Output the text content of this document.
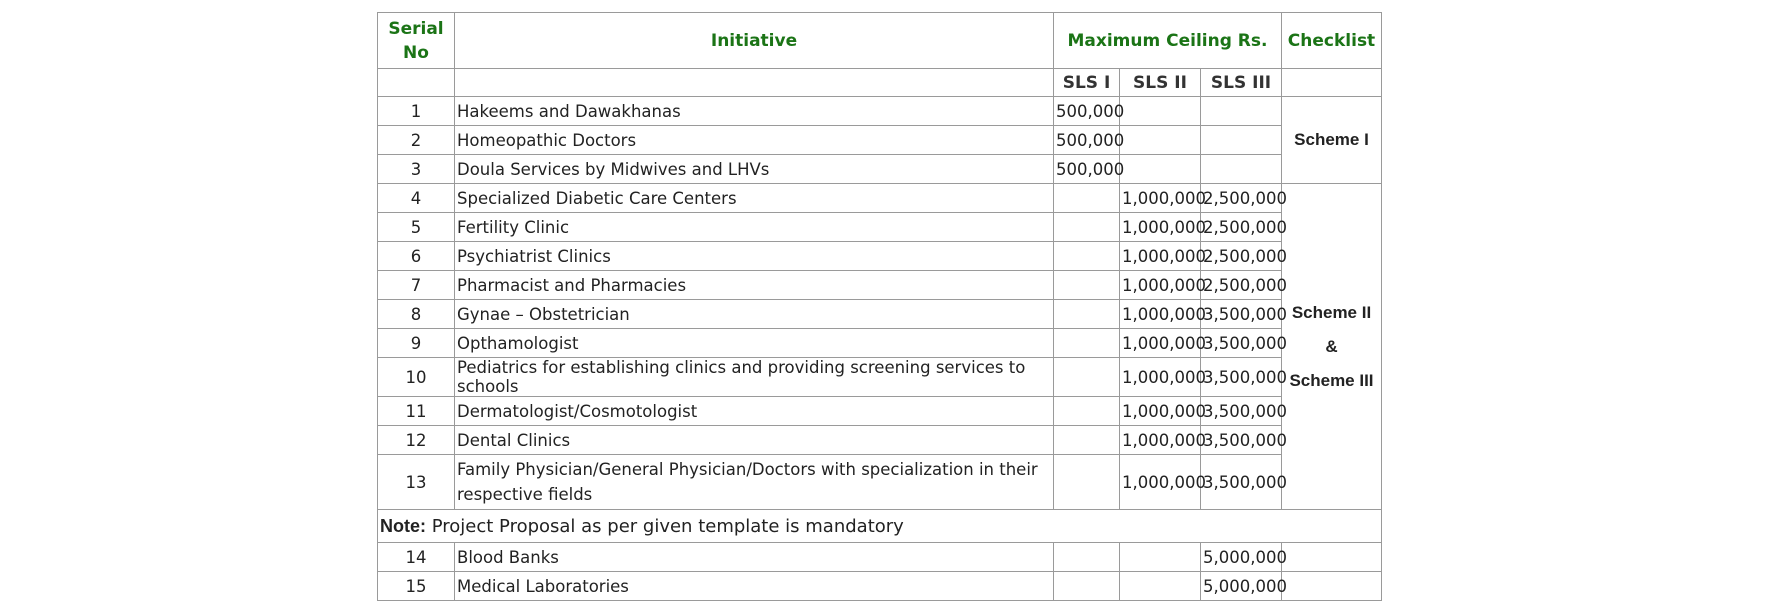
Serial No	Initiative	Maximum Ceiling Rs.			Checklist
		SLS I	SLS II	SLS III	
1	Hakeems and Dawakhanas	500,000			Scheme I

2	Homeopathic Doctors	500,000			
3	Doula Services by Midwives and LHVs	500,000			
4	Specialized Diabetic Care Centers		1,000,000	2,500,000	Scheme II
&
Scheme III

5	Fertility Clinic		1,000,000	2,500,000	
6	Psychiatrist Clinics		1,000,000	2,500,000	
7	Pharmacist and Pharmacies		1,000,000	2,500,000	
8	Gynae – Obstetrician		1,000,000	3,500,000	
9	Opthamologist		1,000,000	3,500,000	
10	Pediatrics for establishing clinics and providing screening services to schools		1,000,000	3,500,000	
11	Dermatologist/Cosmotologist		1,000,000	3,500,000	
12	Dental Clinics		1,000,000	3,500,000	
13	Family Physician/General Physician/Doctors with specialization in their respective fields		1,000,000	3,500,000	
Note: Project Proposal as per given template is mandatory					
14	Blood Banks			5,000,000	
15	Medical Laboratories			5,000,000	
